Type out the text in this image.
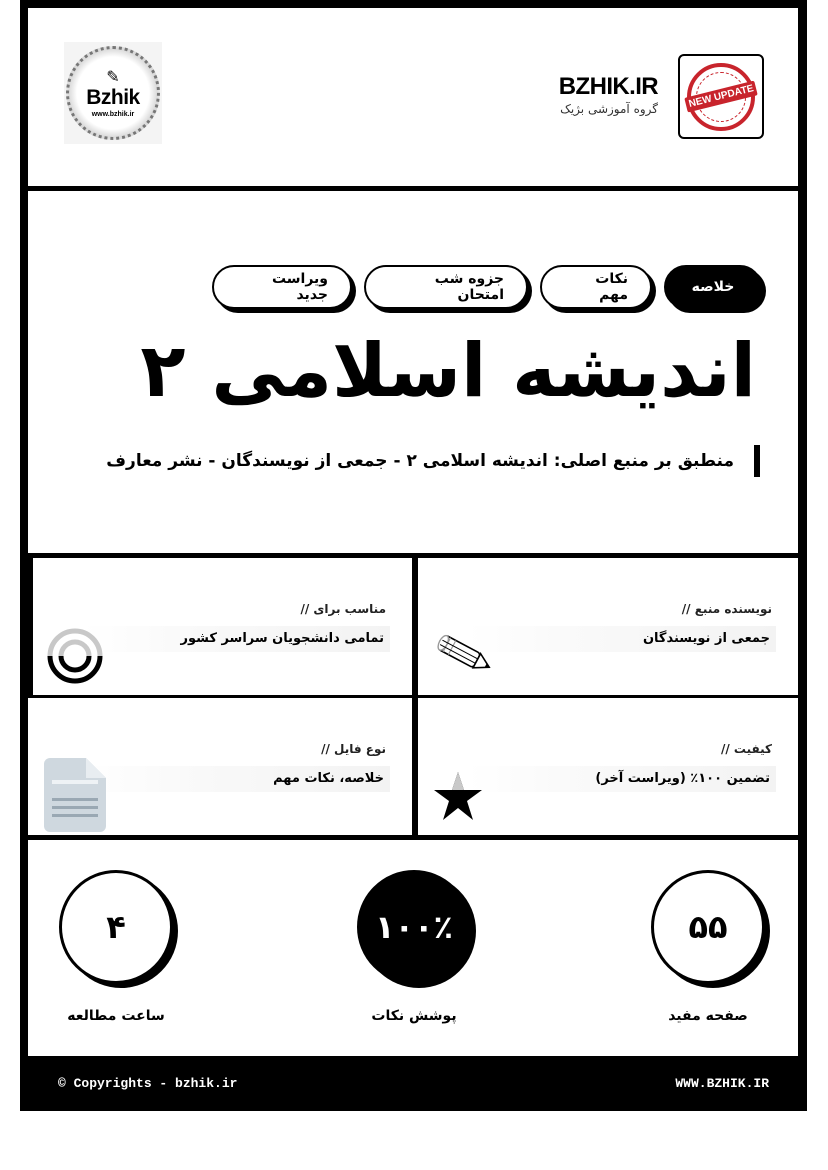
✎
Bzhik
www.bzhik.ir
BZHIK.IR
گروه آموزشی بژیک	NEW UPDATE
خلاصه
نکات مهم
جزوه شب امتحان
ویراست جدید
اندیشه اسلامی ۲
منطبق بر منبع اصلی: اندیشه اسلامی ۲ - جمعی از نویسندگان - نشر معارف
نویسنده منبع //
جمعی از نویسندگان
مناسب برای //
تمامی دانشجویان سراسر کشور
کیفیت //
تضمین ۱۰۰٪ (ویراست آخر)
نوع فایل //
خلاصه، نکات مهم
۵۵
صفحه مفید
۱۰۰٪
پوشش نکات
۴
ساعت مطالعه
© Copyrights - bzhik.ir	WWW.BZHIK.IR
